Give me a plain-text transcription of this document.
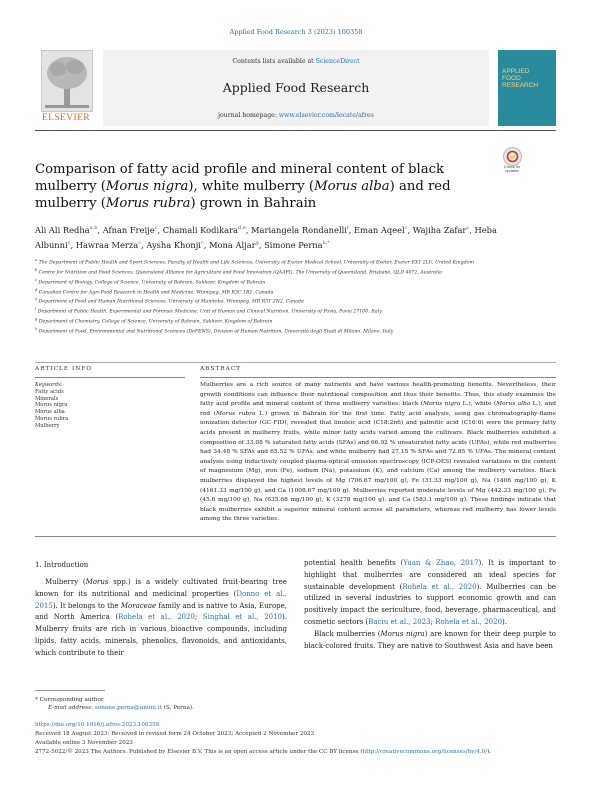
Applied Food Research 3 (2023) 100358
ELSEVIER
Contents lists available at ScienceDirect
Applied Food Research
journal homepage: www.elsevier.com/locate/afres
APPLIED
FOOD
RESEARCH
Comparison of fatty acid profile and mineral content of black mulberry (Morus nigra), white mulberry (Morus alba) and red mulberry (Morus rubra) grown in Bahrain
Check for updates
Ali Ali Redha$^{a,b}$, Afnan Freije$^c$, Chamali Kodikara$^{d,e}$, Mariangela Rondanelli$^f$, Eman Aqeel$^c$, Wajiha Zafar$^c$, Heba Albunni$^c$, Hawraa Merza$^c$, Aysha Khonji$^c$, Mona Aljar$^g$, Simone Perna$^{h,*}$
$^a$ The Department of Public Health and Sport Sciences, Faculty of Health and Life Sciences, University of Exeter Medical School, University of Exeter, Exeter EX1 2LU, United Kingdom
$^b$ Centre for Nutrition and Food Sciences, Queensland Alliance for Agriculture and Food Innovation (QAAFI), The University of Queensland, Brisbane, QLD 4072, Australia
$^c$ Department of Biology, College of Science, University of Bahrain, Sakheer, Kingdom of Bahrain
$^d$ Canadian Centre for Agri-Food Research in Health and Medicine, Winnipeg, MB R3C 1B2, Canada
$^e$ Department of Food and Human Nutritional Sciences, University of Manitoba, Winnipeg, MB R3T 2N2, Canada
$^f$ Department of Public Health, Experimental and Forensic Medicine, Unit of Human and Clinical Nutrition, University of Pavia, Pavia 27100, Italy
$^g$ Department of Chemistry, College of Science, University of Bahrain, Sakheer, Kingdom of Bahrain
$^h$ Department of Food, Environmental and Nutritional Sciences (DeFENS), Division of Human Nutrition, Università degli Studi di Milano, Milano, Italy
ARTICLE INFO
Keywords:
Fatty acids
Minerals
Morus nigra
Morus alba
Morus rubra
Mulberry
ABSTRACT
Mulberries are a rich source of many nutrients and have various health-promoting benefits. Nevertheless, their growth conditions can influence their nutritional composition and thus their benefits. Thus, this study examines the fatty acid profile and mineral content of three mulberry varieties: black (Morus nigra L.), white (Morus alba L.), and red (Morus rubra L.) grown in Bahrain for the first time. Fatty acid analysis, using gas chromatography-flame ionization detector (GC-FID), revealed that linoleic acid (C18:2n6) and palmitic acid (C16:0) were the primary fatty acids present in mulberry fruits, while minor fatty acids varied among the cultivars. Black mulberries exhibited a composition of 33.08 % saturated fatty acids (SFAs) and 66.92 % unsaturated fatty acids (UFAs), while red mulberries had 34.48 % SFAs and 65.52 % UFAs, and white mulberry had 27.15 % SFAs and 72.85 % UFAs. The mineral content analysis using inductively coupled plasma-optical emission spectroscopy (ICP-OES) revealed variations in the content of magnesium (Mg), iron (Fe), sodium (Na), potassium (K), and calcium (Ca) among the mulberry varieties. Black mulberries displayed the highest levels of Mg (706.67 mg/100 g), Fe (31.33 mg/100 g), Na (1406 mg/100 g), K (4161.33 mg/100 g), and Ca (1008.67 mg/100 g). Mulberries reported moderate levels of Mg (442.33 mg/100 g), Fe (45.6 mg/100 g), Na (635.68 mg/100 g), K (3278 mg/100 g), and Ca (583.1 mg/100 g). These findings indicate that black mulberries exhibit a superior mineral content across all parameters, whereas red mulberry has lower levels among the three varieties.
1. Introduction
Mulberry (Morus spp.) is a widely cultivated fruit-bearing tree known for its nutritional and medicinal properties (Donno et al., 2015). It belongs to the Moraceae family and is native to Asia, Europe, and North America (Rohela et al., 2020; Singhal et al., 2010). Mulberry fruits are rich in various bioactive compounds, including lipids, fatty acids, minerals, phenolics, flavonoids, and antioxidants, which contribute to their

potential health benefits (Yuan & Zhao, 2017). It is important to highlight that mulberries are considered an ideal species for sustainable development (Rohela et al., 2020). Mulberries can be utilized in several industries to support economic growth and can positively impact the sericulture, food, beverage, pharmaceutical, and cosmetic sectors (Baciu et al., 2023; Rohela et al., 2020).

Black mulberries (Morus nigra) are known for their deep purple to black-colored fruits. They are native to Southwest Asia and have been

* Corresponding author.
E-mail address: simone.perna@unimi.it (S. Perna).
https://doi.org/10.1016/j.afres.2023.100358
Received 18 August 2023; Received in revised form 24 October 2023; Accepted 2 November 2023
Available online 3 November 2023
2772-5022/© 2023 The Authors. Published by Elsevier B.V. This is an open access article under the CC BY license (http://creativecommons.org/licenses/by/4.0/).
